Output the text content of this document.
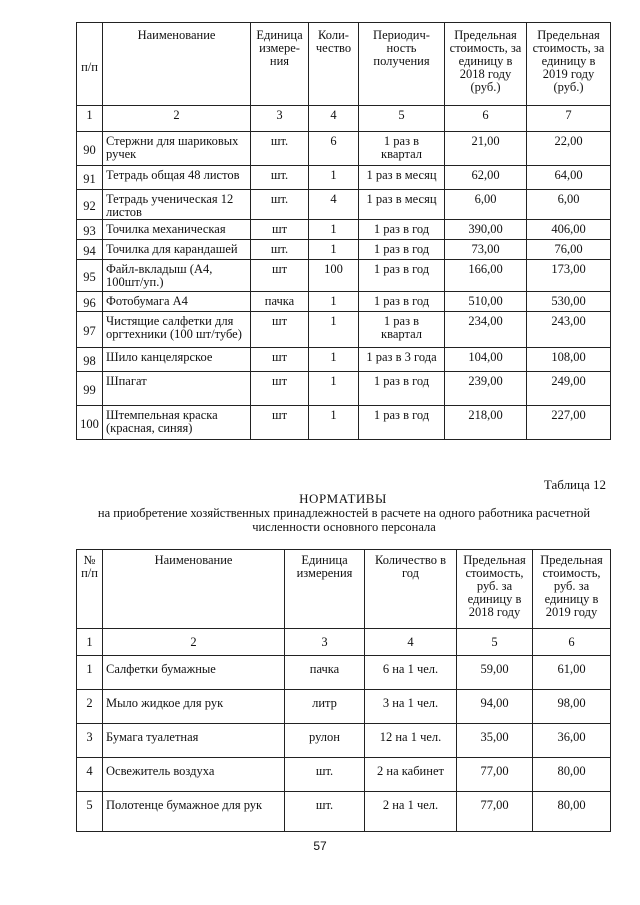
п/п	Наименование	Единица измере-ния	Коли-чество	Периодич-ность получения	Предельная стоимость, за единицу в 2018 году (руб.)	Предельная стоимость, за единицу в 2019 году (руб.)
1	2	3	4	5	6	7
90	Стержни для шариковых ручек	шт.	6	1 раз в квартал	21,00	22,00
91	Тетрадь общая 48 листов	шт.	1	1 раз в месяц	62,00	64,00
92	Тетрадь ученическая 12 листов	шт.	4	1 раз в месяц	6,00	6,00
93	Точилка механическая	шт	1	1 раз в год	390,00	406,00
94	Точилка для карандашей	шт.	1	1 раз в год	73,00	76,00
95	Файл-вкладыш (А4, 100шт/уп.)	шт	100	1 раз в год	166,00	173,00
96	Фотобумага А4	пачка	1	1 раз в год	510,00	530,00
97	Чистящие салфетки для оргтехники (100 шт/тубе)	шт	1	1 раз в квартал	234,00	243,00
98	Шило канцелярское	шт	1	1 раз в 3 года	104,00	108,00
99	Шпагат	шт	1	1 раз в год	239,00	249,00
100	Штемпельная краска (красная, синяя)	шт	1	1 раз в год	218,00	227,00
Таблица 12
НОРМАТИВЫ
на приобретение хозяйственных принадлежностей в расчете на одного работника расчетной численности основного персонала
№ п/п	Наименование	Единица измерения	Количество в год	Предельная стоимость, руб. за единицу в 2018 году	Предельная стоимость, руб. за единицу в 2019 году
1	2	3	4	5	6
1	Салфетки бумажные	пачка	6 на 1 чел.	59,00	61,00
2	Мыло жидкое для рук	литр	3 на 1 чел.	94,00	98,00
3	Бумага туалетная	рулон	12 на 1 чел.	35,00	36,00
4	Освежитель воздуха	шт.	2 на кабинет	77,00	80,00
5	Полотенце бумажное для рук	шт.	2 на 1 чел.	77,00	80,00
57
